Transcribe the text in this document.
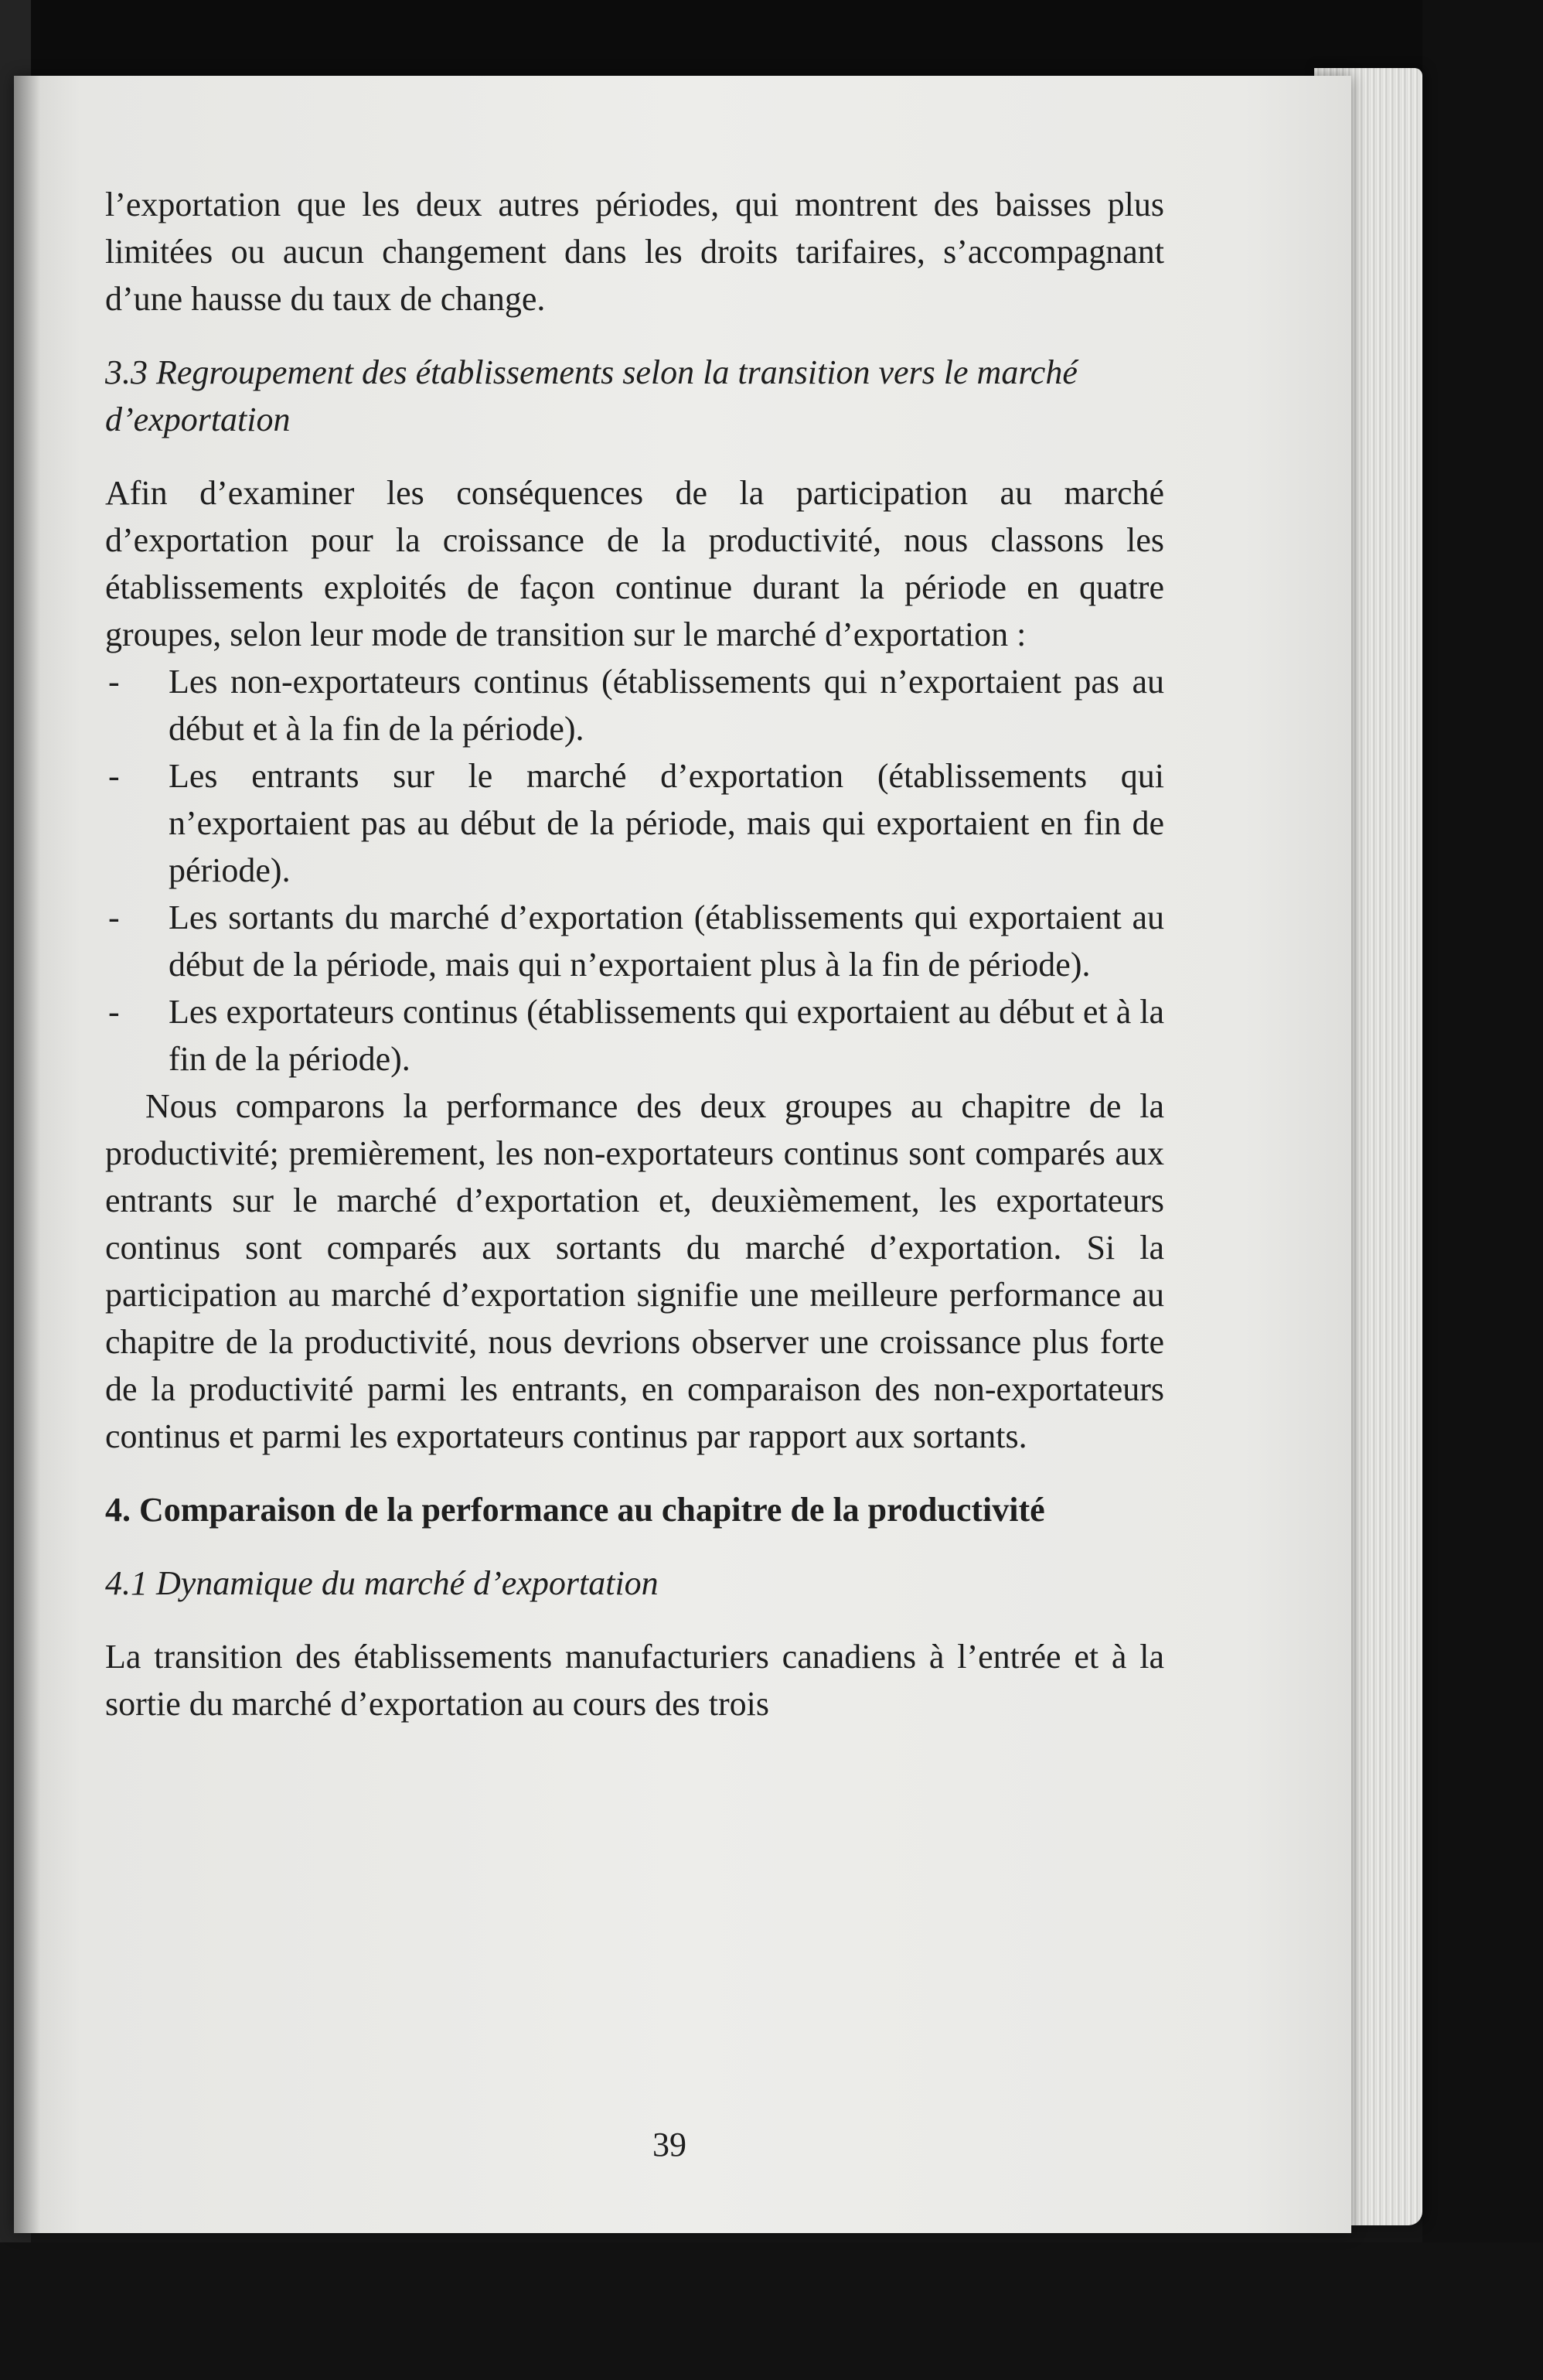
l’exportation que les deux autres périodes, qui montrent des baisses plus limitées ou aucun changement dans les droits tarifaires, s’accompagnant d’une hausse du taux de change.

3.3 Regroupement des établissements selon la transition vers le marché d’exportation

Afin d’examiner les conséquences de la participation au marché d’exportation pour la croissance de la productivité, nous classons les établissements exploités de façon continue durant la période en quatre groupes, selon leur mode de transition sur le marché d’exportation :

- Les non-exportateurs continus (établissements qui n’exportaient pas au début et à la fin de la période).
- Les entrants sur le marché d’exportation (établissements qui n’exportaient pas au début de la période, mais qui exportaient en fin de période).
- Les sortants du marché d’exportation (établissements qui exportaient au début de la période, mais qui n’exportaient plus à la fin de période).
- Les exportateurs continus (établissements qui exportaient au début et à la fin de la période).

Nous comparons la performance des deux groupes au chapitre de la productivité; premièrement, les non-exportateurs continus sont comparés aux entrants sur le marché d’exportation et, deuxièmement, les exportateurs continus sont comparés aux sortants du marché d’exportation. Si la participation au marché d’exportation signifie une meilleure performance au chapitre de la productivité, nous devrions observer une croissance plus forte de la productivité parmi les entrants, en comparaison des non-exportateurs continus et parmi les exportateurs continus par rapport aux sortants.

4. Comparaison de la performance au chapitre de la productivité

4.1 Dynamique du marché d’exportation

La transition des établissements manufacturiers canadiens à l’entrée et à la sortie du marché d’exportation au cours des trois

39
